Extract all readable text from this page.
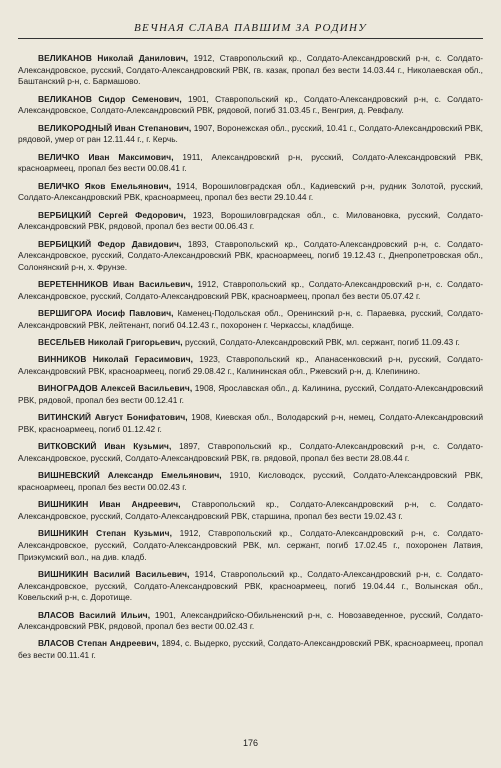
ВЕЧНАЯ СЛАВА ПАВШИМ ЗА РОДИНУ

ВЕЛИКАНОВ Николай Данилович, 1912, Ставропольский кр., Солдато-Александровский р-н, с. Солдато-Александровское, русский, Солдато-Александровский РВК, гв. казак, пропал без вести 14.03.44 г., Николаевская обл., Баштанский р-н, с. Бармашово.

ВЕЛИКАНОВ Сидор Семенович, 1901, Ставропольский кр., Солдато-Александровский р-н, с. Солдато-Александровское, Солдато-Александровский РВК, рядовой, погиб 31.03.45 г., Венгрия, д. Ревфалу.

ВЕЛИКОРОДНЫЙ Иван Степанович, 1907, Воронежская обл., русский, 10.41 г., Солдато-Александровский РВК, рядовой, умер от ран 12.11.44 г., г. Керчь.

ВЕЛИЧКО Иван Максимович, 1911, Александровский р-н, русский, Солдато-Александровский РВК, красноармеец, пропал без вести 00.08.41 г.

ВЕЛИЧКО Яков Емельянович, 1914, Ворошиловградская обл., Кадиевский р-н, рудник Золотой, русский, Солдато-Александровский РВК, красноармеец, пропал без вести 29.10.44 г.

ВЕРБИЦКИЙ Сергей Федорович, 1923, Ворошиловградская обл., с. Миловановка, русский, Солдато-Александровский РВК, рядовой, пропал без вести 00.06.43 г.

ВЕРБИЦКИЙ Федор Давидович, 1893, Ставропольский кр., Солдато-Александровский р-н, с. Солдато-Александровское, русский, Солдато-Александровский РВК, красноармеец, погиб 19.12.43 г., Днепропетровская обл., Солонянский р-н, х. Фрунзе.

ВЕРЕТЕННИКОВ Иван Васильевич, 1912, Ставропольский кр., Солдато-Александровский р-н, с. Солдато-Александровское, русский, Солдато-Александровский РВК, красноармеец, пропал без вести 05.07.42 г.

ВЕРШИГОРА Иосиф Павлович, Каменец-Подольская обл., Оренинский р-н, с. Параевка, русский, Солдато-Александровский РВК, лейтенант, погиб 04.12.43 г., похоронен г. Черкассы, кладбище.

ВЕСЕЛЬЕВ Николай Григорьевич, русский, Солдато-Александровский РВК, мл. сержант, погиб 11.09.43 г.

ВИННИКОВ Николай Герасимович, 1923, Ставропольский кр., Апанасенковский р-н, русский, Солдато-Александровский РВК, красноармеец, погиб 29.08.42 г., Калининская обл., Ржевский р-н, д. Клепинино.

ВИНОГРАДОВ Алексей Васильевич, 1908, Ярославская обл., д. Калинина, русский, Солдато-Александровский РВК, рядовой, пропал без вести 00.12.41 г.

ВИТИНСКИЙ Август Бонифатович, 1908, Киевская обл., Володарский р-н, немец, Солдато-Александровский РВК, красноармеец, погиб 01.12.42 г.

ВИТКОВСКИЙ Иван Кузьмич, 1897, Ставропольский кр., Солдато-Александровский р-н, с. Солдато-Александровское, русский, Солдато-Александровский РВК, гв. рядовой, пропал без вести 28.08.44 г.

ВИШНЕВСКИЙ Александр Емельянович, 1910, Кисловодск, русский, Солдато-Александровский РВК, красноармеец, пропал без вести 00.02.43 г.

ВИШНИКИН Иван Андреевич, Ставропольский кр., Солдато-Александровский р-н, с. Солдато-Александровское, русский, Солдато-Александровский РВК, старшина, пропал без вести 19.02.43 г.

ВИШНИКИН Степан Кузьмич, 1912, Ставропольский кр., Солдато-Александровский р-н, с. Солдато-Александровское, русский, Солдато-Александровский РВК, мл. сержант, погиб 17.02.45 г., похоронен Латвия, Приэкумский вол., на див. кладб.

ВИШНИКИН Василий Васильевич, 1914, Ставропольский кр., Солдато-Александровский р-н, с. Солдато-Александровское, русский, Солдато-Александровский РВК, красноармеец, погиб 19.04.44 г., Волынская обл., Ковельский р-н, с. Доротище.

ВЛАСОВ Василий Ильич, 1901, Александрийско-Обильненский р-н, с. Новозаведенное, русский, Солдато-Александровский РВК, рядовой, пропал без вести 00.02.43 г.

ВЛАСОВ Степан Андреевич, 1894, с. Выдерко, русский, Солдато-Александровский РВК, красноармеец, пропал без вести 00.11.41 г.

176
